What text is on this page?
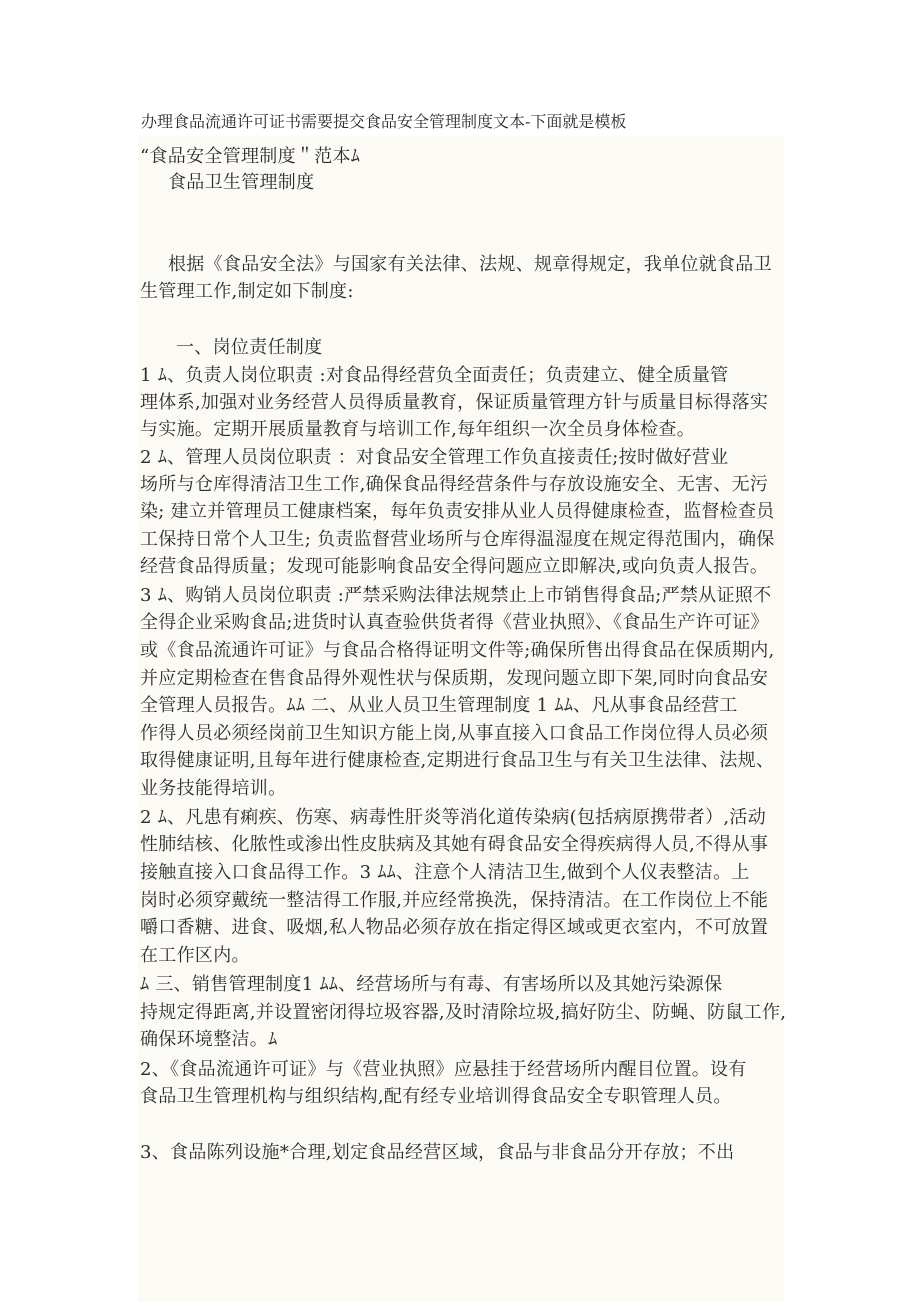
办理食品流通许可证书需要提交食品安全管理制度文本-下面就是模板
“食品安全管理制度＂范本ﾑ
食品卫生管理制度
根据《食品安全法》与国家有关法律、法规、规章得规定，我单位就食品卫
生管理工作,制定如下制度:
一、岗位责任制度
1 ﾑ、负责人岗位职责 :对食品得经营负全面责任；负责建立、健全质量管
理体系,加强对业务经营人员得质量教育，保证质量管理方针与质量目标得落实
与实施。定期开展质量教育与培训工作,每年组织一次全员身体检查。
2 ﾑ、管理人员岗位职责 ：对食品安全管理工作负直接责任;按时做好营业
场所与仓库得清洁卫生工作,确保食品得经营条件与存放设施安全、无害、无污
染; 建立并管理员工健康档案，每年负责安排从业人员得健康检查，监督检查员
工保持日常个人卫生; 负责监督营业场所与仓库得温湿度在规定得范围内，确保
经营食品得质量；发现可能影响食品安全得问题应立即解决,或向负责人报告。
3 ﾑ、购销人员岗位职责 :严禁采购法律法规禁止上市销售得食品;严禁从证照不
全得企业采购食品;进货时认真查验供货者得《营业执照》、《食品生产许可证》
或《食品流通许可证》与食品合格得证明文件等;确保所售出得食品在保质期内,
并应定期检查在售食品得外观性状与保质期，发现问题立即下架,同时向食品安
全管理人员报告。ﾑﾑ 二、从业人员卫生管理制度 1 ﾑﾑ、凡从事食品经营工
作得人员必须经岗前卫生知识方能上岗,从事直接入口食品工作岗位得人员必须
取得健康证明,且每年进行健康检查,定期进行食品卫生与有关卫生法律、法规、
业务技能得培训。
2 ﾑ、凡患有痢疾、伤寒、病毒性肝炎等消化道传染病(包括病原携带者）,活动
性肺结核、化脓性或渗出性皮肤病及其她有碍食品安全得疾病得人员,不得从事
接触直接入口食品得工作。3 ﾑﾑ、注意个人清洁卫生,做到个人仪表整洁。上
岗时必须穿戴统一整洁得工作服,并应经常换洗，保持清洁。在工作岗位上不能
嚼口香糖、进食、吸烟,私人物品必须存放在指定得区域或更衣室内，不可放置
在工作区内。
ﾑ 三、销售管理制度1 ﾑﾑ、经营场所与有毒、有害场所以及其她污染源保
持规定得距离,并设置密闭得垃圾容器,及时清除垃圾,搞好防尘、防蝇、防鼠工作,
确保环境整洁。ﾑ
2、《食品流通许可证》与《营业执照》应悬挂于经营场所内醒目位置。设有
食品卫生管理机构与组织结构,配有经专业培训得食品安全专职管理人员。
3、食品陈列设施*合理,划定食品经营区域，食品与非食品分开存放；不出
